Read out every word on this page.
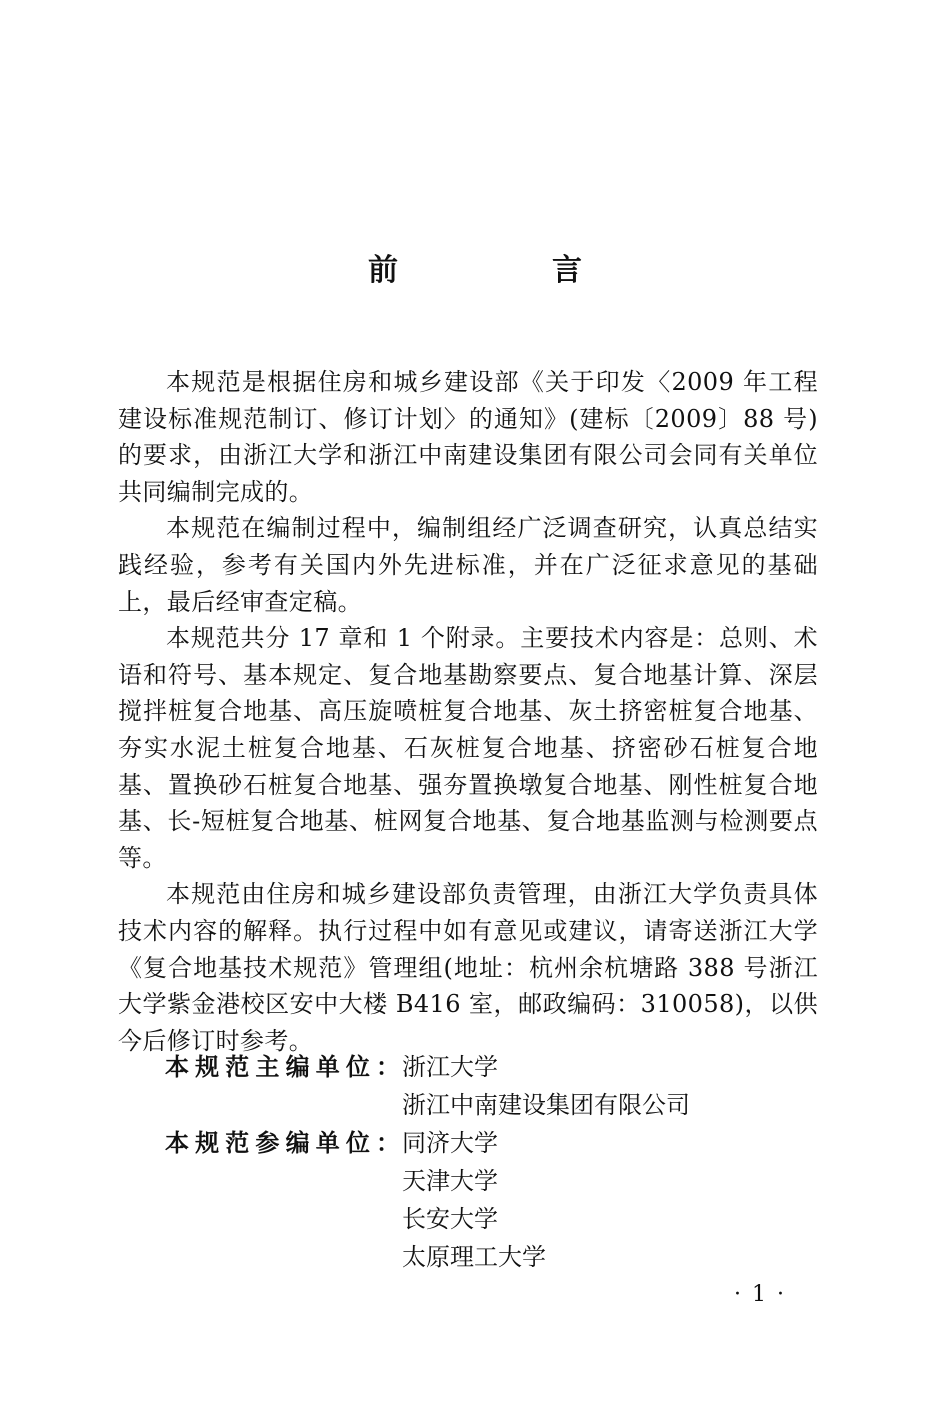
前　言

本规范是根据住房和城乡建设部《关于印发〈2009 年工程建设标准规范制订、修订计划〉的通知》(建标〔2009〕88 号)的要求，由浙江大学和浙江中南建设集团有限公司会同有关单位共同编制完成的。

本规范在编制过程中，编制组经广泛调查研究，认真总结实践经验，参考有关国内外先进标准，并在广泛征求意见的基础上，最后经审查定稿。

本规范共分 17 章和 1 个附录。主要技术内容是：总则、术语和符号、基本规定、复合地基勘察要点、复合地基计算、深层搅拌桩复合地基、高压旋喷桩复合地基、灰土挤密桩复合地基、夯实水泥土桩复合地基、石灰桩复合地基、挤密砂石桩复合地基、置换砂石桩复合地基、强夯置换墩复合地基、刚性桩复合地基、长-短桩复合地基、桩网复合地基、复合地基监测与检测要点等。

本规范由住房和城乡建设部负责管理，由浙江大学负责具体技术内容的解释。执行过程中如有意见或建议，请寄送浙江大学《复合地基技术规范》管理组(地址：杭州余杭塘路 388 号浙江大学紫金港校区安中大楼 B416 室，邮政编码：310058)，以供今后修订时参考。

本 规 范 主 编 单 位 ： 浙江大学
浙江中南建设集团有限公司
本 规 范 参 编 单 位 ： 同济大学
天津大学
长安大学
太原理工大学
· 1 ·
